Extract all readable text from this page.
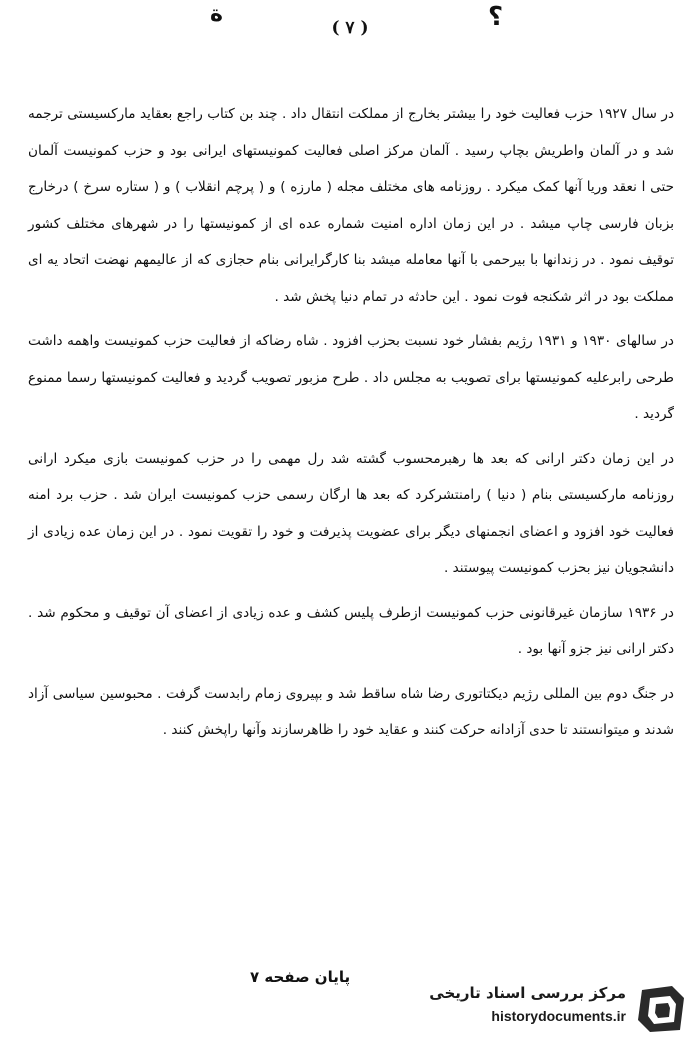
ة	؟
( ۷ )

در سال ۱۹۲۷ حزب فعالیت خود را بیشتر بخارج از مملکت انتقال داد . چند بن کتاب راجع بعقاید مارکسیستی ترجمه شد و در آلمان واطریش بچاپ رسید . آلمان مرکز اصلی فعالیت کمونیستهای ایرانی بود و حزب کمونیست آلمان حتی ا نعقد وریا آنها کمک میکرد . روزنامه های مختلف مجله ( مارزه ) و ( پرچم انقلاب ) و ( ستاره سرخ ) درخارج بزبان فارسی چاپ میشد . در این زمان اداره امنیت شماره عده ای از کمونیستها را در شهرهای مختلف کشور توقیف نمود . در زندانها با بیرحمی با آنها معامله میشد بنا کارگرایرانی بنام حجازی که از عالیمهم نهضت اتحاد یه ای مملکت بود در اثر شکنجه فوت نمود . این حادثه در تمام دنیا پخش شد .

در سالهای ۱۹۳۰ و ۱۹۳۱ رژیم بفشار خود نسبت بحزب افزود . شاه رضاکه از فعالیت حزب کمونیست واهمه داشت طرحی رابرعلیه کمونیستها برای تصویب به مجلس داد . طرح مزبور تصویب گردید و فعالیت کمونیستها رسما ممنوع گردید .

در این زمان دکتر ارانی که بعد ها رهبرمحسوب گشته شد رل مهمی را در حزب کمونیست بازی میکرد ارانی روزنامه مارکسیستی بنام ( دنیا ) رامنتشرکرد که بعد ها ارگان رسمی حزب کمونیست ایران شد . حزب برد امنه فعالیت خود افزود و اعضای انجمنهای دیگر برای عضویت پذیرفت و خود را تقویت نمود . در این زمان عده زیادی از دانشجویان نیز بحزب کمونیست پیوستند .

در ۱۹۳۶ سازمان غیرقانونی حزب کمونیست ازطرف پلیس کشف و عده زیادی از اعضای آن توقیف و محکوم شد . دکتر ارانی نیز جزو آنها بود .

در جنگ دوم بین المللی رژیم دیکتاتوری رضا شاه ساقط شد و بپیروی زمام رابدست گرفت . محبوسین سیاسی آزاد شدند و میتوانستند تا حدی آزادانه حرکت کنند و عقاید خود را ظاهرسازند وآنها راپخش کنند .

پایان صفحه ۷
مرکز بررسی اسناد تاریخی
historydocuments.ir
